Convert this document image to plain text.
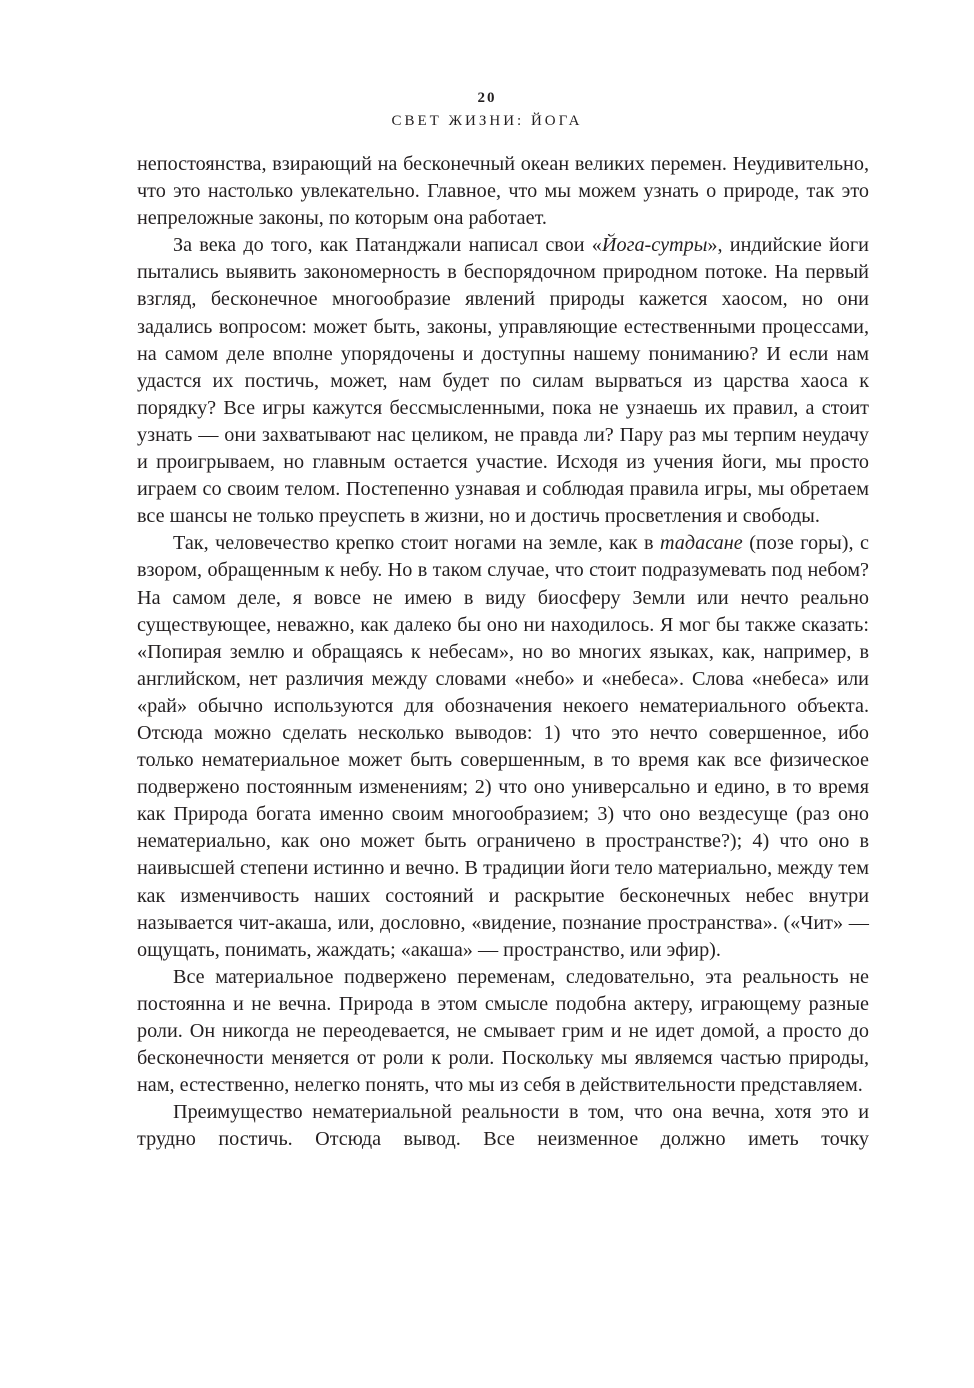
20
СВЕТ ЖИЗНИ: ЙОГА

непостоянства, взирающий на бесконечный океан великих перемен. Неудивительно, что это настолько увлекательно. Главное, что мы можем узнать о природе, так это непреложные законы, по которым она работает.

За века до того, как Патанджали написал свои «Йога-сутры», индийские йоги пытались выявить закономерность в беспорядочном природном потоке. На первый взгляд, бесконечное многообразие явлений природы кажется хаосом, но они задались вопросом: может быть, законы, управляющие естественными процессами, на самом деле вполне упорядочены и доступны нашему пониманию? И если нам удастся их постичь, может, нам будет по силам вырваться из царства хаоса к порядку? Все игры кажутся бессмысленными, пока не узнаешь их правил, а стоит узнать — они захватывают нас целиком, не правда ли? Пару раз мы терпим неудачу и проигрываем, но главным остается участие. Исходя из учения йоги, мы просто играем со своим телом. Постепенно узнавая и соблюдая правила игры, мы обретаем все шансы не только преуспеть в жизни, но и достичь просветления и свободы.

Так, человечество крепко стоит ногами на земле, как в тадасане (позе горы), с взором, обращенным к небу. Но в таком случае, что стоит подразумевать под небом? На самом деле, я вовсе не имею в виду биосферу Земли или нечто реально существующее, неважно, как далеко бы оно ни находилось. Я мог бы также сказать: «Попирая землю и обращаясь к небесам», но во многих языках, как, например, в английском, нет различия между словами «небо» и «небеса». Слова «небеса» или «рай» обычно используются для обозначения некоего нематериального объекта. Отсюда можно сделать несколько выводов: 1) что это нечто совершенное, ибо только нематериальное может быть совершенным, в то время как все физическое подвержено постоянным изменениям; 2) что оно универсально и едино, в то время как Природа богата именно своим многообразием; 3) что оно вездесуще (раз оно нематериально, как оно может быть ограничено в пространстве?); 4) что оно в наивысшей степени истинно и вечно. В традиции йоги тело материально, между тем как изменчивость наших состояний и раскрытие бесконечных небес внутри называется чит-акаша, или, дословно, «видение, познание пространства». («Чит» — ощущать, понимать, жаждать; «акаша» — пространство, или эфир).

Все материальное подвержено переменам, следовательно, эта реальность не постоянна и не вечна. Природа в этом смысле подобна актеру, играющему разные роли. Он никогда не переодевается, не смывает грим и не идет домой, а просто до бесконечности меняется от роли к роли. Поскольку мы являемся частью природы, нам, естественно, нелегко понять, что мы из себя в действительности представляем.

Преимущество нематериальной реальности в том, что она вечна, хотя это и трудно постичь. Отсюда вывод. Все неизменное должно иметь точку
